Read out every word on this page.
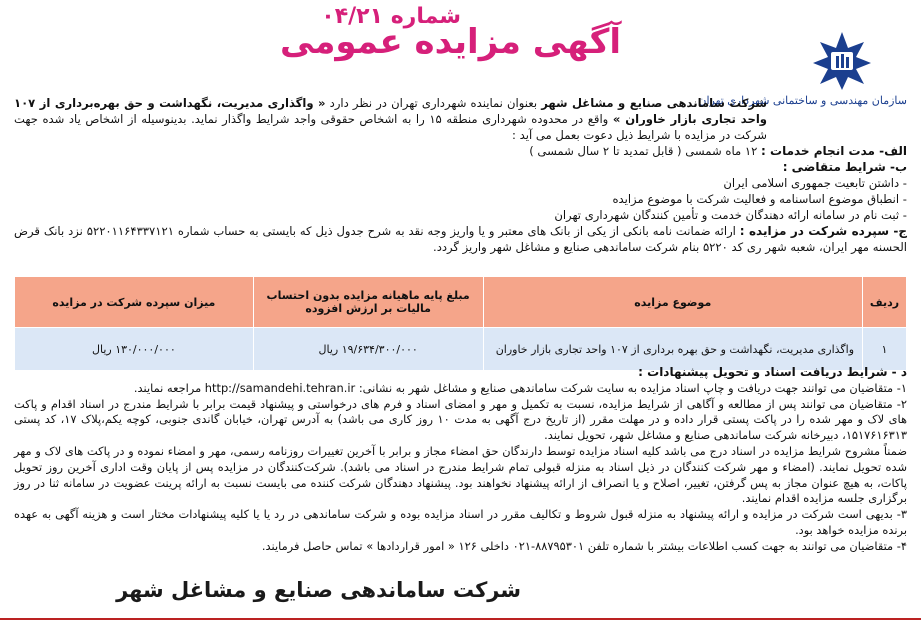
شماره ۰۴/۲۱
آگهی مزایده عمومی
سازمان مهندسی و ساختمانی شهرداری تهران

شرکت ساماندهی صنایع و مشاغل شهر بعنوان نماینده شهرداری تهران در نظر دارد « واگذاری مدیریت، نگهداشت و حق بهره‌برداری از ۱۰۷ واحد تجاری بازار خاوران » واقع در محدوده شهرداری منطقه ۱۵ را به اشخاص حقوقی واجد شرایط واگذار نماید. بدینوسیله از اشخاص یاد شده جهت شرکت در مزایده با شرایط ذیل دعوت بعمل می آید :

الف- مدت انجام خدمات : ۱۲ ماه شمسی ( قابل تمدید تا ۲ سال شمسی )

ب- شرایط متقاضی :

- داشتن تابعیت جمهوری اسلامی ایران

- انطباق موضوع اساسنامه و فعالیت شرکت با موضوع مزایده

- ثبت نام در سامانه ارائه دهندگان خدمت و تأمین کنندگان شهرداری تهران

ج- سپرده شرکت در مزایده : ارائه ضمانت نامه بانکی از یکی از بانک های معتبر و یا واریز وجه نقد به شرح جدول ذیل که بایستی به حساب شماره ۵۲۲۰۱۱۶۴۳۳۷۱۲۱ نزد بانک قرض الحسنه مهر ایران، شعبه شهر ری کد ۵۲۲۰ بنام شرکت ساماندهی صنایع و مشاغل شهر واریز گردد.

ردیف	موضوع مزایده	مبلغ پایه ماهیانه مزایده بدون احتساب مالیات بر ارزش افزوده	میزان سپرده شرکت در مزایده
۱	واگذاری مدیریت، نگهداشت و حق بهره برداری از ۱۰۷ واحد تجاری بازار خاوران	۱۹/۶۳۴/۳۰۰/۰۰۰ ریال	۱۳۰/۰۰۰/۰۰۰ ریال

د - شرایط دریافت اسناد و تحویل پیشنهادات :

۱- متقاضیان می توانند جهت دریافت و چاپ اسناد مزایده به سایت شرکت ساماندهی صنایع و مشاغل شهر به نشانی: http://samandehi.tehran.ir مراجعه نمایند.

۲- متقاضیان می توانند پس از مطالعه و آگاهی از شرایط مزایده، نسبت به تکمیل و مهر و امضای اسناد و فرم های درخواستی و پیشنهاد قیمت برابر با شرایط مندرج در اسناد اقدام و پاکت های لاک و مهر شده را در پاکت پستی قرار داده و در مهلت مقرر (از تاریخ درج آگهی به مدت ۱۰ روز کاری می باشد) به آدرس تهران، خیابان گاندی جنوبی، کوچه یکم،پلاک ۱۷، کد پستی ۱۵۱۷۶۱۶۳۱۳، دبیرخانه شرکت ساماندهی صنایع و مشاغل شهر، تحویل نمایند.

ضمناً مشروح شرایط مزایده در اسناد درج می باشد کلیه اسناد مزایده توسط دارندگان حق امضاء مجاز و برابر با آخرین تغییرات روزنامه رسمی، مهر و امضاء نموده و در پاکت های لاک و مهر شده تحویل نمایند. (امضاء و مهر شرکت کنندگان در ذیل اسناد به منزله قبولی تمام شرایط مندرج در اسناد می باشد). شرکت‌کنندگان در مزایده پس از پایان وقت اداری آخرین روز تحویل پاکات، به هیچ عنوان مجاز به پس گرفتن، تغییر، اصلاح و یا انصراف از ارائه پیشنهاد نخواهند بود. پیشنهاد دهندگان شرکت کننده می بایست نسبت به ارائه پرینت عضویت در سامانه ثنا در روز برگزاری جلسه مزایده اقدام نمایند.

۳- بدیهی است شرکت در مزایده و ارائه پیشنهاد به منزله قبول شروط و تکالیف مقرر در اسناد مزایده بوده و شرکت ساماندهی در رد یا یا کلیه پیشنهادات مختار است و هزینه آگهی به عهده برنده مزایده خواهد بود.

۴- متقاضیان می توانند به جهت کسب اطلاعات بیشتر با شماره تلفن ۸۸۷۹۵۳۰۱-۰۲۱ داخلی ۱۲۶ « امور قراردادها » تماس حاصل فرمایند.

شرکت ساماندهی صنایع و مشاغل شهر
